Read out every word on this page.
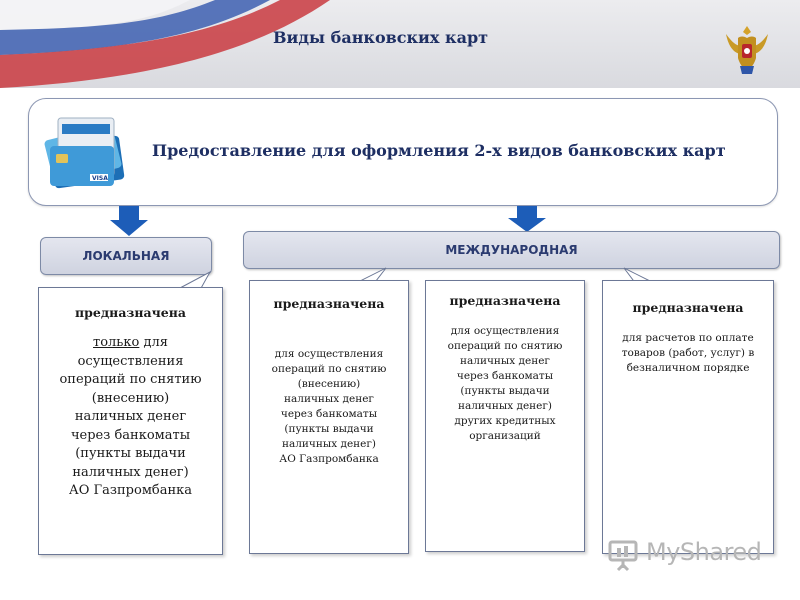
Виды банковских карт
VISA
Предоставление для оформления 2-х видов банковских карт
ЛОКАЛЬНАЯ	МЕЖДУНАРОДНАЯ
предназначена
только для
осуществления
операций по снятию
(внесению)
наличных денег
через банкоматы
(пункты выдачи
наличных денег)
АО Газпромбанка
предназначена
для осуществления
операций по снятию
(внесению)
наличных денег
через банкоматы
(пункты выдачи
наличных денег)
АО Газпромбанка
предназначена
для осуществления
операций по снятию
наличных денег
через банкоматы
(пункты выдачи
наличных денег)
других кредитных
организаций
предназначена
для расчетов по оплате
товаров (работ, услуг) в
безналичном порядке
MyShared
